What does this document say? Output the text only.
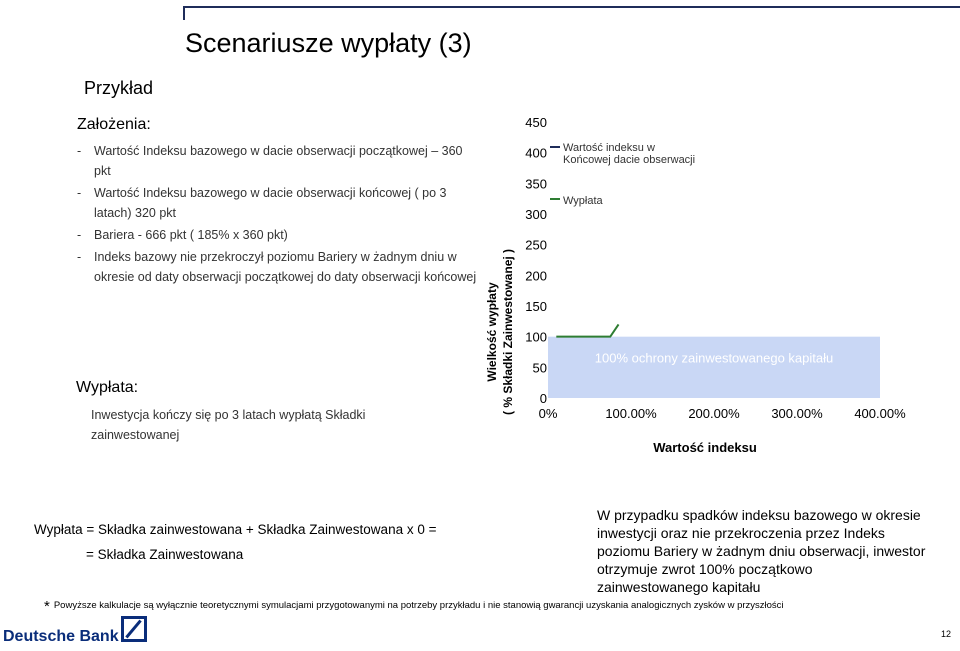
Scenariusze wypłaty (3)
Przykład
Założenia:
- Wartość Indeksu bazowego w dacie obserwacji początkowej – 360 pkt
- Wartość Indeksu bazowego w dacie obserwacji końcowej ( po 3 latach) 320 pkt
- Bariera - 666 pkt ( 185% x 360 pkt)
- Indeks bazowy nie przekroczył poziomu Bariery w żadnym dniu w okresie od daty obserwacji początkowej do daty obserwacji końcowej
Wypłata:
Inwestycja kończy się po 3 latach wypłatą Składki zainwestowanej
Wielkość wypłaty ( % Składki Zainwestowanej ) 0
50
100
150
200
250
300
350
400
450
0%	100.00% 200.00% 300.00% 400.00%
100% ochrony zainwestowanego kapitału
Wartość indeksu
Wartość indeksu w Końcowej dacie obserwacji
Wypłata
Wypłata = Składka zainwestowana + Składka Zainwestowana x 0 =
= Składka Zainwestowana
W przypadku spadków indeksu bazowego w okresie inwestycji oraz nie przekroczenia przez Indeks poziomu Bariery w żadnym dniu obserwacji, inwestor otrzymuje zwrot 100% początkowo zainwestowanego kapitału
* Powyższe kalkulacje są wyłącznie teoretycznymi symulacjami przygotowanymi na potrzeby przykładu i nie stanowią gwarancji uzyskania analogicznych zysków w przyszłości
Deutsche Bank	12
